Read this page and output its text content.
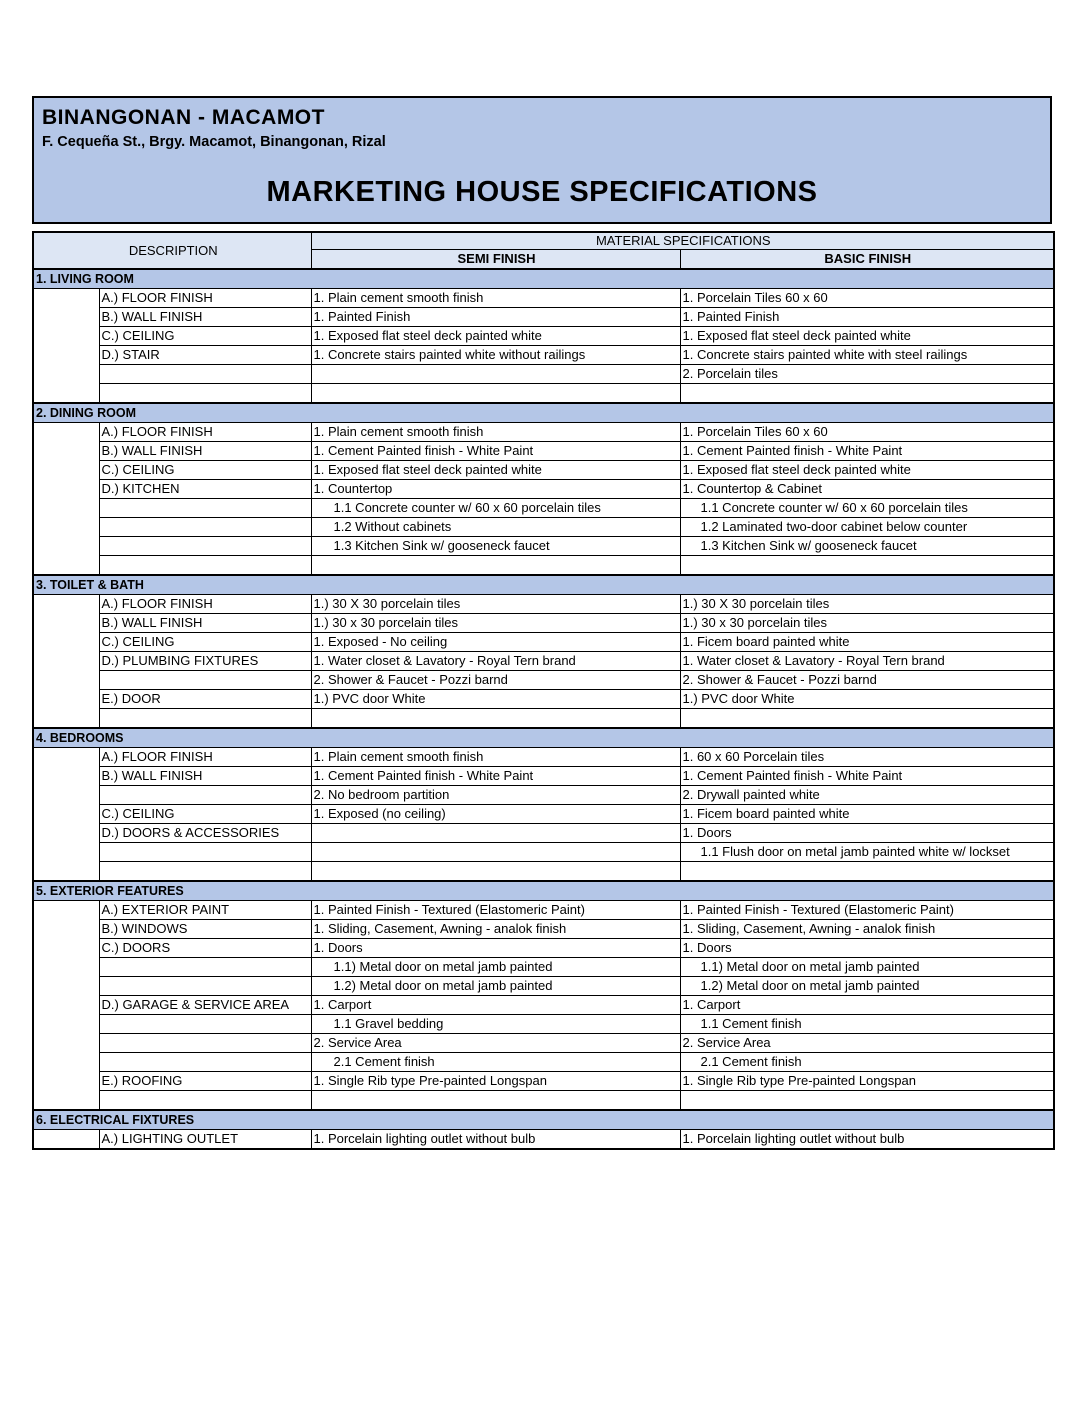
BINANGONAN - MACAMOT
F. Cequeña St., Brgy. Macamot, Binangonan, Rizal
MARKETING HOUSE SPECIFICATIONS
DESCRIPTION		MATERIAL SPECIFICATIONS	
		SEMI FINISH	BASIC FINISH
1. LIVING ROOM			
	A.) FLOOR FINISH	1. Plain cement smooth finish	1. Porcelain Tiles 60 x 60
	B.) WALL FINISH	1. Painted Finish	1. Painted Finish
	C.) CEILING	1. Exposed flat steel deck painted white	1. Exposed flat steel deck painted white
	D.) STAIR	1. Concrete stairs painted white without railings	1. Concrete stairs painted white with steel railings
			2. Porcelain tiles

2. DINING ROOM			
	A.) FLOOR FINISH	1. Plain cement smooth finish	1. Porcelain Tiles 60 x 60
	B.) WALL FINISH	1. Cement Painted finish - White Paint	1. Cement Painted finish - White Paint
	C.) CEILING	1. Exposed flat steel deck painted white	1. Exposed flat steel deck painted white
	D.) KITCHEN	1. Countertop	1. Countertop & Cabinet
		1.1 Concrete counter w/ 60 x 60 porcelain tiles	1.1 Concrete counter w/ 60 x 60 porcelain tiles
		1.2 Without cabinets	1.2 Laminated two-door cabinet below counter
		1.3 Kitchen Sink w/ gooseneck faucet	1.3 Kitchen Sink w/ gooseneck faucet

3. TOILET & BATH			
	A.) FLOOR FINISH	1.) 30 X 30 porcelain tiles	1.) 30 X 30 porcelain tiles
	B.) WALL FINISH	1.) 30 x 30 porcelain tiles	1.) 30 x 30 porcelain tiles
	C.) CEILING	1. Exposed - No ceiling	1. Ficem board painted white
	D.) PLUMBING FIXTURES	1. Water closet & Lavatory - Royal Tern brand	1. Water closet & Lavatory - Royal Tern brand
		2. Shower & Faucet - Pozzi barnd	2. Shower & Faucet - Pozzi barnd
	E.) DOOR	1.) PVC door White	1.) PVC door White

4. BEDROOMS			
	A.) FLOOR FINISH	1. Plain cement smooth finish	1. 60 x 60 Porcelain tiles
	B.) WALL FINISH	1. Cement Painted finish - White Paint	1. Cement Painted finish - White Paint
		2. No bedroom partition	2. Drywall painted white
	C.) CEILING	1. Exposed (no ceiling)	1. Ficem board painted white
	D.) DOORS & ACCESSORIES		1. Doors
			1.1 Flush door on metal jamb painted white w/ lockset

5. EXTERIOR FEATURES			
	A.) EXTERIOR PAINT	1. Painted Finish - Textured (Elastomeric Paint)	1. Painted Finish - Textured (Elastomeric Paint)
	B.) WINDOWS	1. Sliding, Casement, Awning - analok finish	1. Sliding, Casement, Awning - analok finish
	C.) DOORS	1. Doors	1. Doors
		1.1) Metal door on metal jamb painted	1.1) Metal door on metal jamb painted
		1.2) Metal door on metal jamb painted	1.2) Metal door on metal jamb painted
	D.) GARAGE & SERVICE AREA	1. Carport	1. Carport
		1.1 Gravel bedding	1.1 Cement finish
		2. Service Area	2. Service Area
		2.1 Cement finish	2.1 Cement finish
	E.) ROOFING	1. Single Rib type Pre-painted Longspan	1. Single Rib type Pre-painted Longspan

6. ELECTRICAL FIXTURES			
	A.) LIGHTING OUTLET	1. Porcelain lighting outlet without bulb	1. Porcelain lighting outlet without bulb
